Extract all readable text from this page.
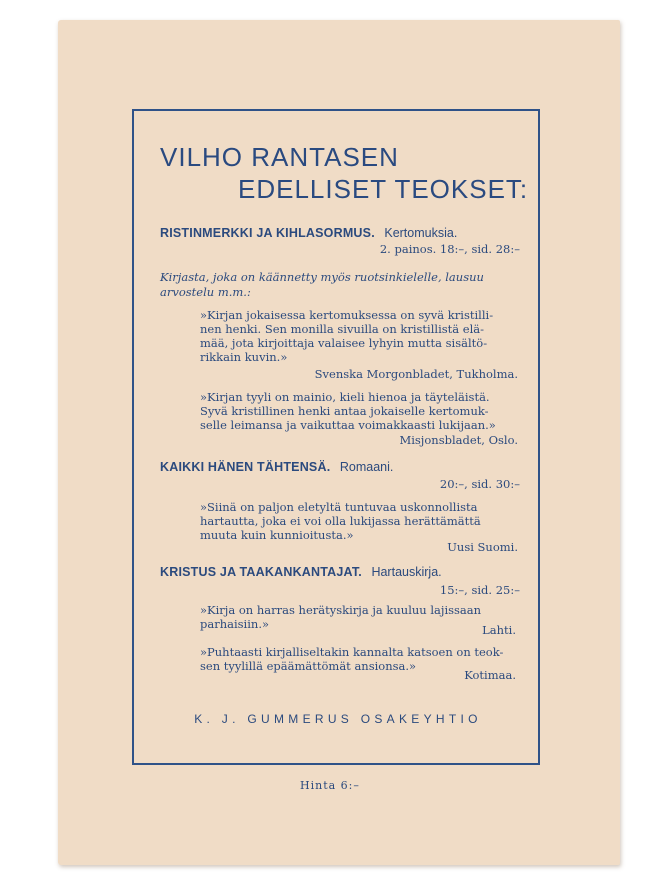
VILHO RANTASEN
EDELLISET TEOKSET:
RISTINMERKKI JA KIHLASORMUS. Kertomuksia.
2. painos. 18:–, sid. 28:–
Kirjasta, joka on käännetty myös ruotsinkielelle, lausuu
arvostelu m.m.:
»Kirjan jokaisessa kertomuksessa on syvä kristilli-
nen henki. Sen monilla sivuilla on kristillistä elä-
mää, jota kirjoittaja valaisee lyhyin mutta sisältö-
rikkain kuvin.»
Svenska Morgonbladet, Tukholma.
»Kirjan tyyli on mainio, kieli hienoa ja täyteläistä.
Syvä kristillinen henki antaa jokaiselle kertomuk-
selle leimansa ja vaikuttaa voimakkaasti lukijaan.»
Misjonsbladet, Oslo.
KAIKKI HÄNEN TÄHTENSÄ. Romaani.
20:–, sid. 30:–
»Siinä on paljon eletyltä tuntuvaa uskonnollista
hartautta, joka ei voi olla lukijassa herättämättä
muuta kuin kunnioitusta.»
Uusi Suomi.
KRISTUS JA TAAKANKANTAJAT. Hartauskirja.
15:–, sid. 25:–
»Kirja on harras herätyskirja ja kuuluu lajissaan
parhaisiin.»	Lahti.
»Puhtaasti kirjalliseltakin kannalta katsoen on teok-
sen tyylillä epäämättömät ansionsa.»
Kotimaa.
K. J. GUMMERUS OSAKEYHTIO
Hinta 6:–
